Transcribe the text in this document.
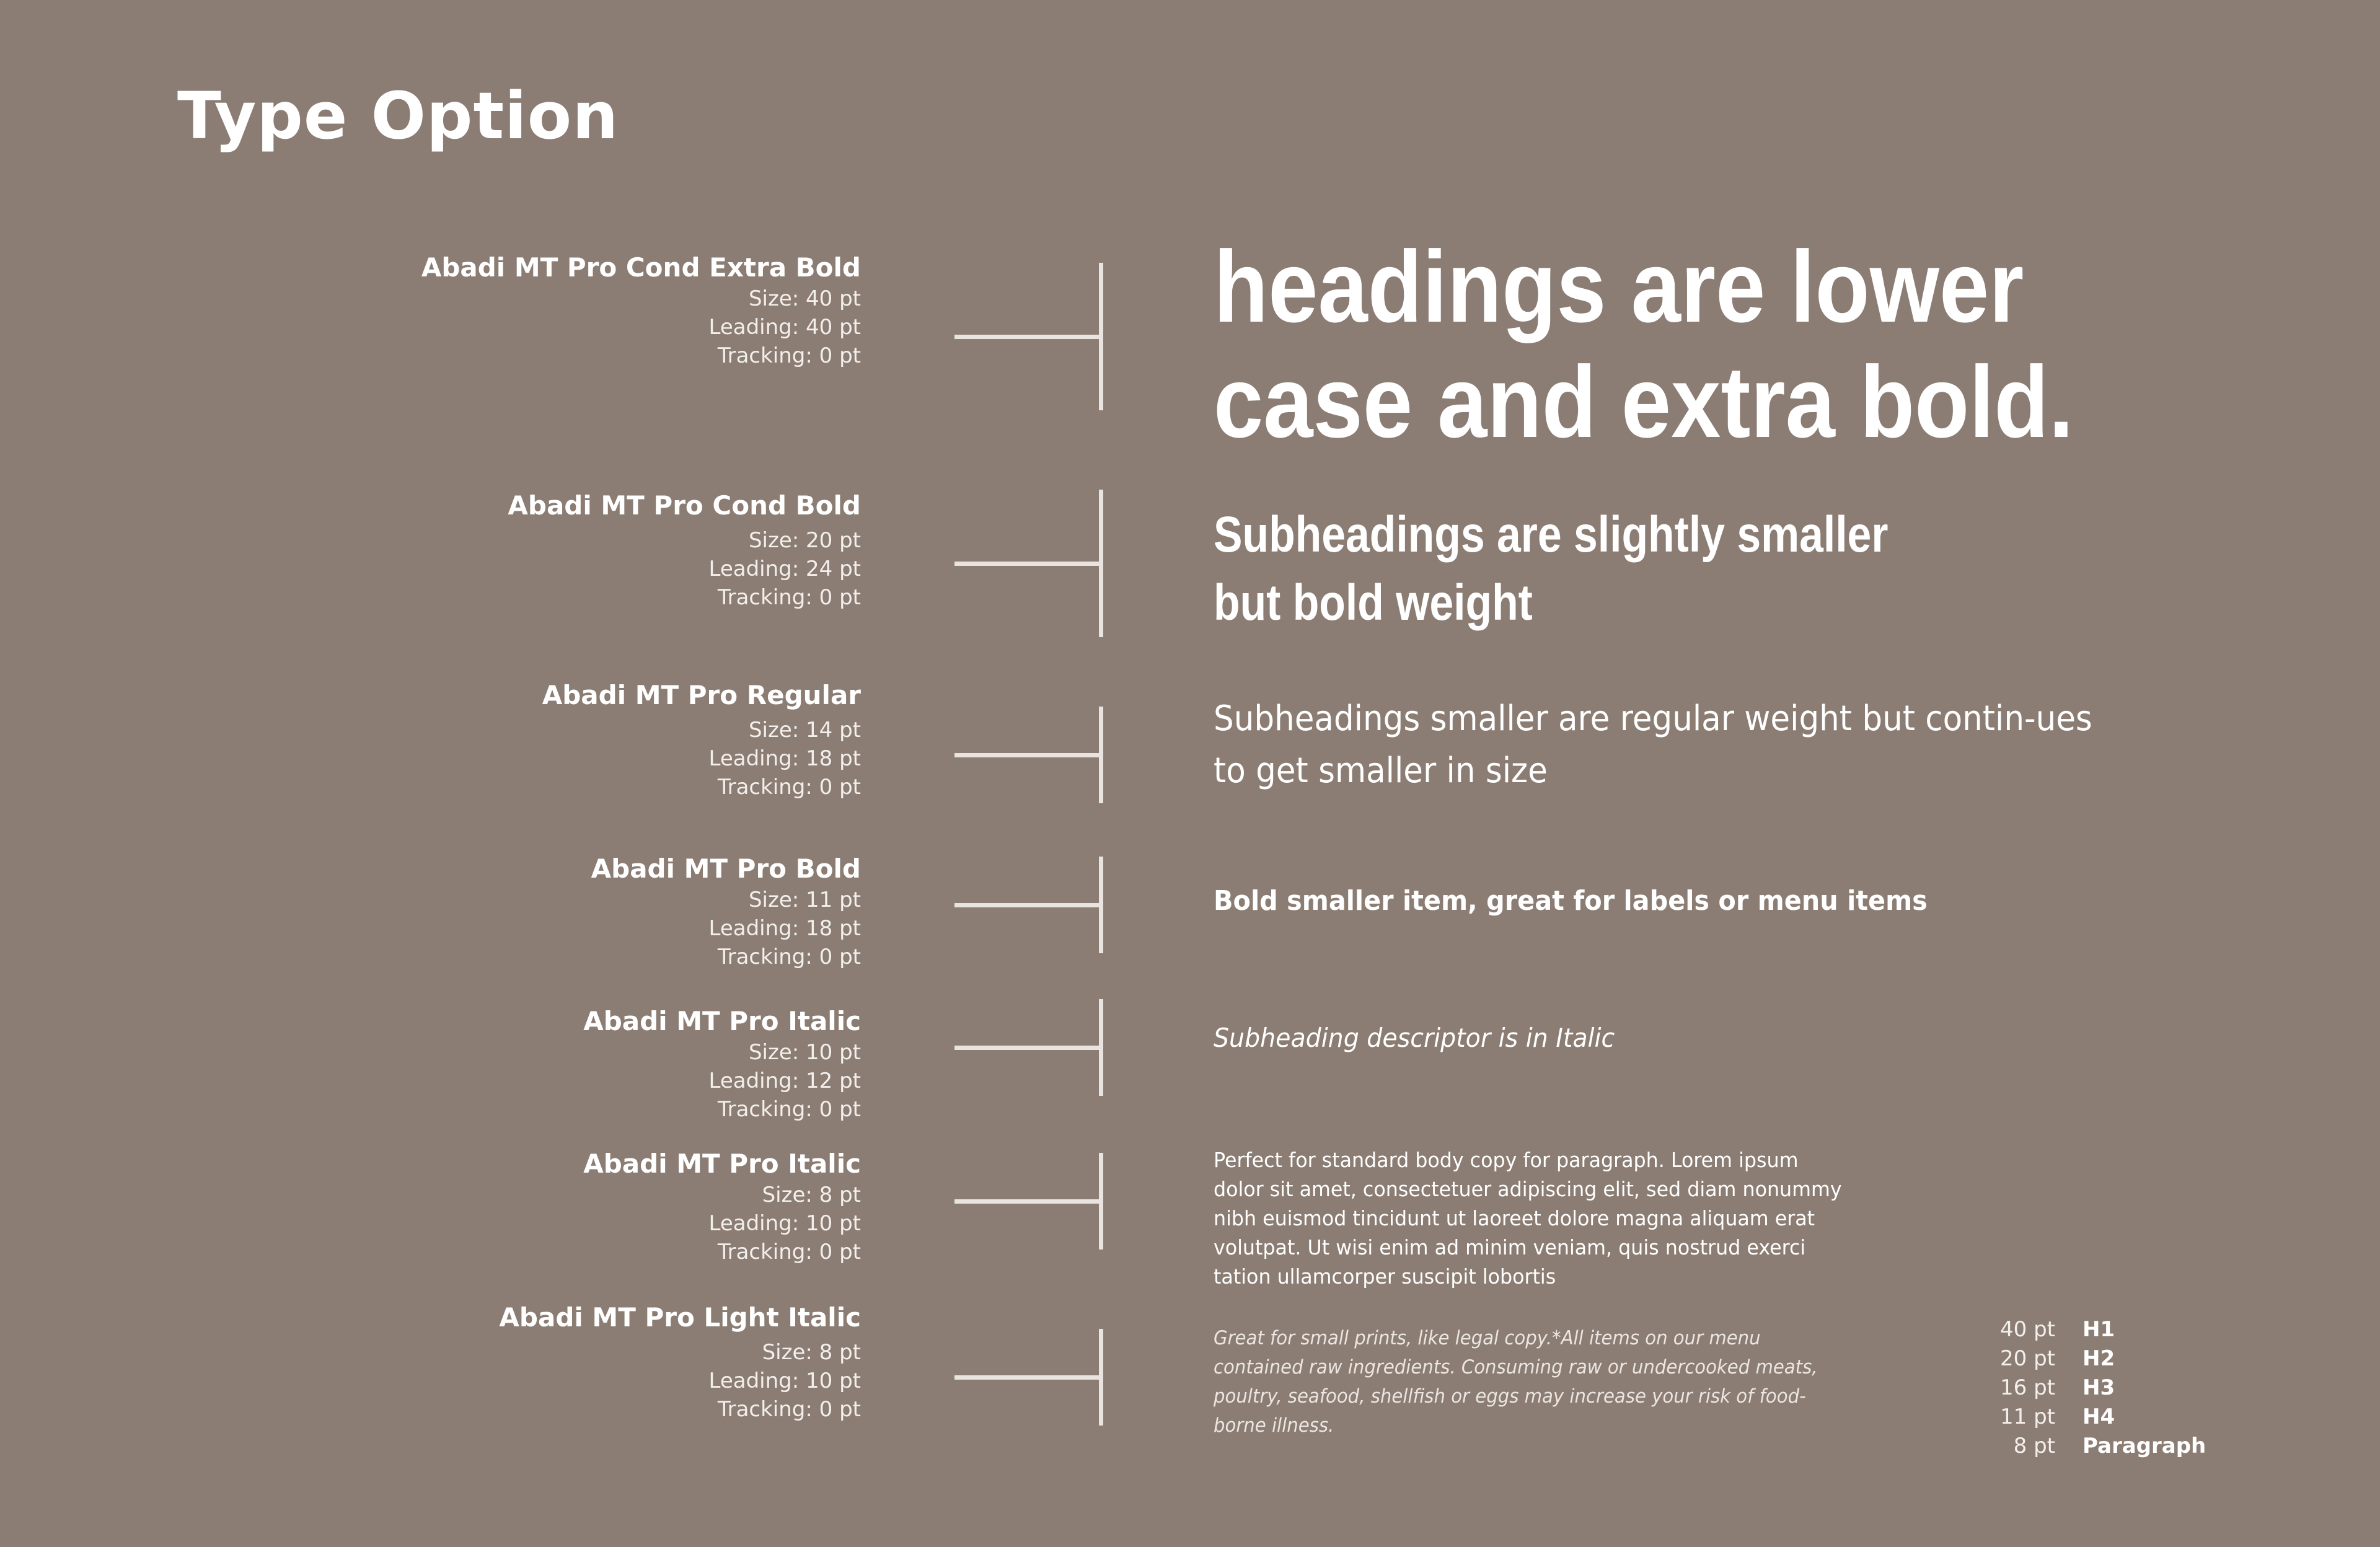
Type Option
Abadi MT Pro Cond Extra Bold
Size: 40 pt
Leading: 40 pt
Tracking: 0 pt
headings are lower case and extra bold.
Abadi MT Pro Cond Bold
Size: 20 pt
Leading: 24 pt
Tracking: 0 pt
Subheadings are slightly smaller but bold weight
Abadi MT Pro Regular
Size: 14 pt
Leading: 18 pt
Tracking: 0 pt
Subheadings smaller are regular weight but contin-ues to get smaller in size
Abadi MT Pro Bold
Size: 11 pt
Leading: 18 pt
Tracking: 0 pt
Bold smaller item, great for labels or menu items
Abadi MT Pro Italic
Size: 10 pt
Leading: 12 pt
Tracking: 0 pt
Subheading descriptor is in Italic
Abadi MT Pro Italic
Size: 8 pt
Leading: 10 pt
Tracking: 0 pt
Perfect for standard body copy for paragraph. Lorem ipsum dolor sit amet, consectetuer adipiscing elit, sed diam nonummy nibh euismod tincidunt ut laoreet dolore magna aliquam erat volutpat. Ut wisi enim ad minim veniam, quis nostrud exerci tation ullamcorper suscipit lobortis
Abadi MT Pro Light Italic
Size: 8 pt
Leading: 10 pt
Tracking: 0 pt
Great for small prints, like legal copy.*All items on our menu contained raw ingredients. Consuming raw or undercooked meats, poultry, seafood, shellfish or eggs may increase your risk of food-borne illness.
40 pt H1
20 pt H2
16 pt H3
11 pt H4
8 pt Paragraph
